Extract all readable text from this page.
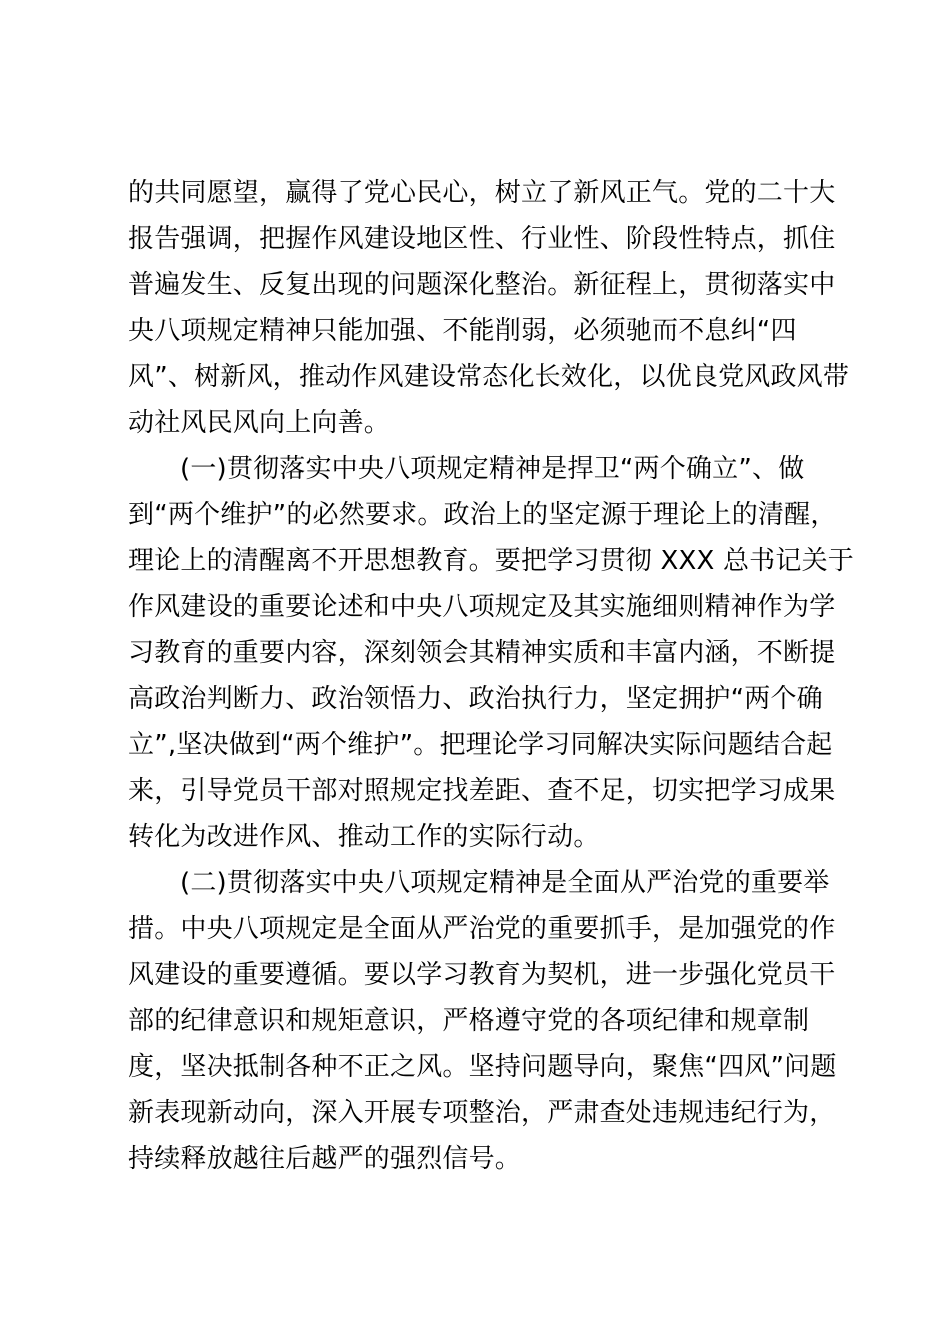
的共同愿望，赢得了党心民心，树立了新风正气。党的二十大
报告强调，把握作风建设地区性、行业性、阶段性特点，抓住
普遍发生、反复出现的问题深化整治。新征程上，贯彻落实中
央八项规定精神只能加强、不能削弱，必须驰而不息纠“四
风”、树新风，推动作风建设常态化长效化，以优良党风政风带
动社风民风向上向善。
(一)贯彻落实中央八项规定精神是捍卫“两个确立”、做
到“两个维护”的必然要求。政治上的坚定源于理论上的清醒，
理论上的清醒离不开思想教育。要把学习贯彻 XXX 总书记关于
作风建设的重要论述和中央八项规定及其实施细则精神作为学
习教育的重要内容，深刻领会其精神实质和丰富内涵，不断提
高政治判断力、政治领悟力、政治执行力，坚定拥护“两个确
立”,坚决做到“两个维护”。把理论学习同解决实际问题结合起
来，引导党员干部对照规定找差距、查不足，切实把学习成果
转化为改进作风、推动工作的实际行动。
(二)贯彻落实中央八项规定精神是全面从严治党的重要举
措。中央八项规定是全面从严治党的重要抓手，是加强党的作
风建设的重要遵循。要以学习教育为契机，进一步强化党员干
部的纪律意识和规矩意识，严格遵守党的各项纪律和规章制
度，坚决抵制各种不正之风。坚持问题导向，聚焦“四风”问题
新表现新动向，深入开展专项整治，严肃查处违规违纪行为，
持续释放越往后越严的强烈信号。
